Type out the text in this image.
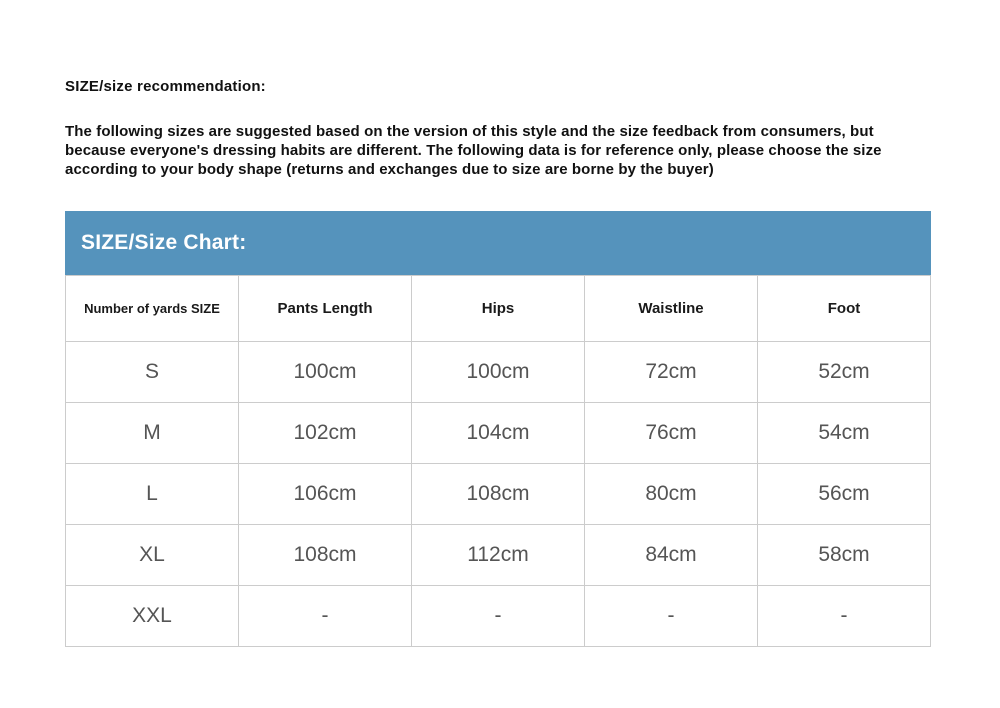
SIZE/size recommendation:
The following sizes are suggested based on the version of this style and the size feedback from consumers, but because everyone's dressing habits are different. The following data is for reference only, please choose the size according to your body shape (returns and exchanges due to size are borne by the buyer)
SIZE/Size Chart:
Number of yards SIZE	Pants Length	Hips	Waistline	Foot
S	100cm	100cm	72cm	52cm
M	102cm	104cm	76cm	54cm
L	106cm	108cm	80cm	56cm
XL	108cm	112cm	84cm	58cm
XXL	-	-	-	-
